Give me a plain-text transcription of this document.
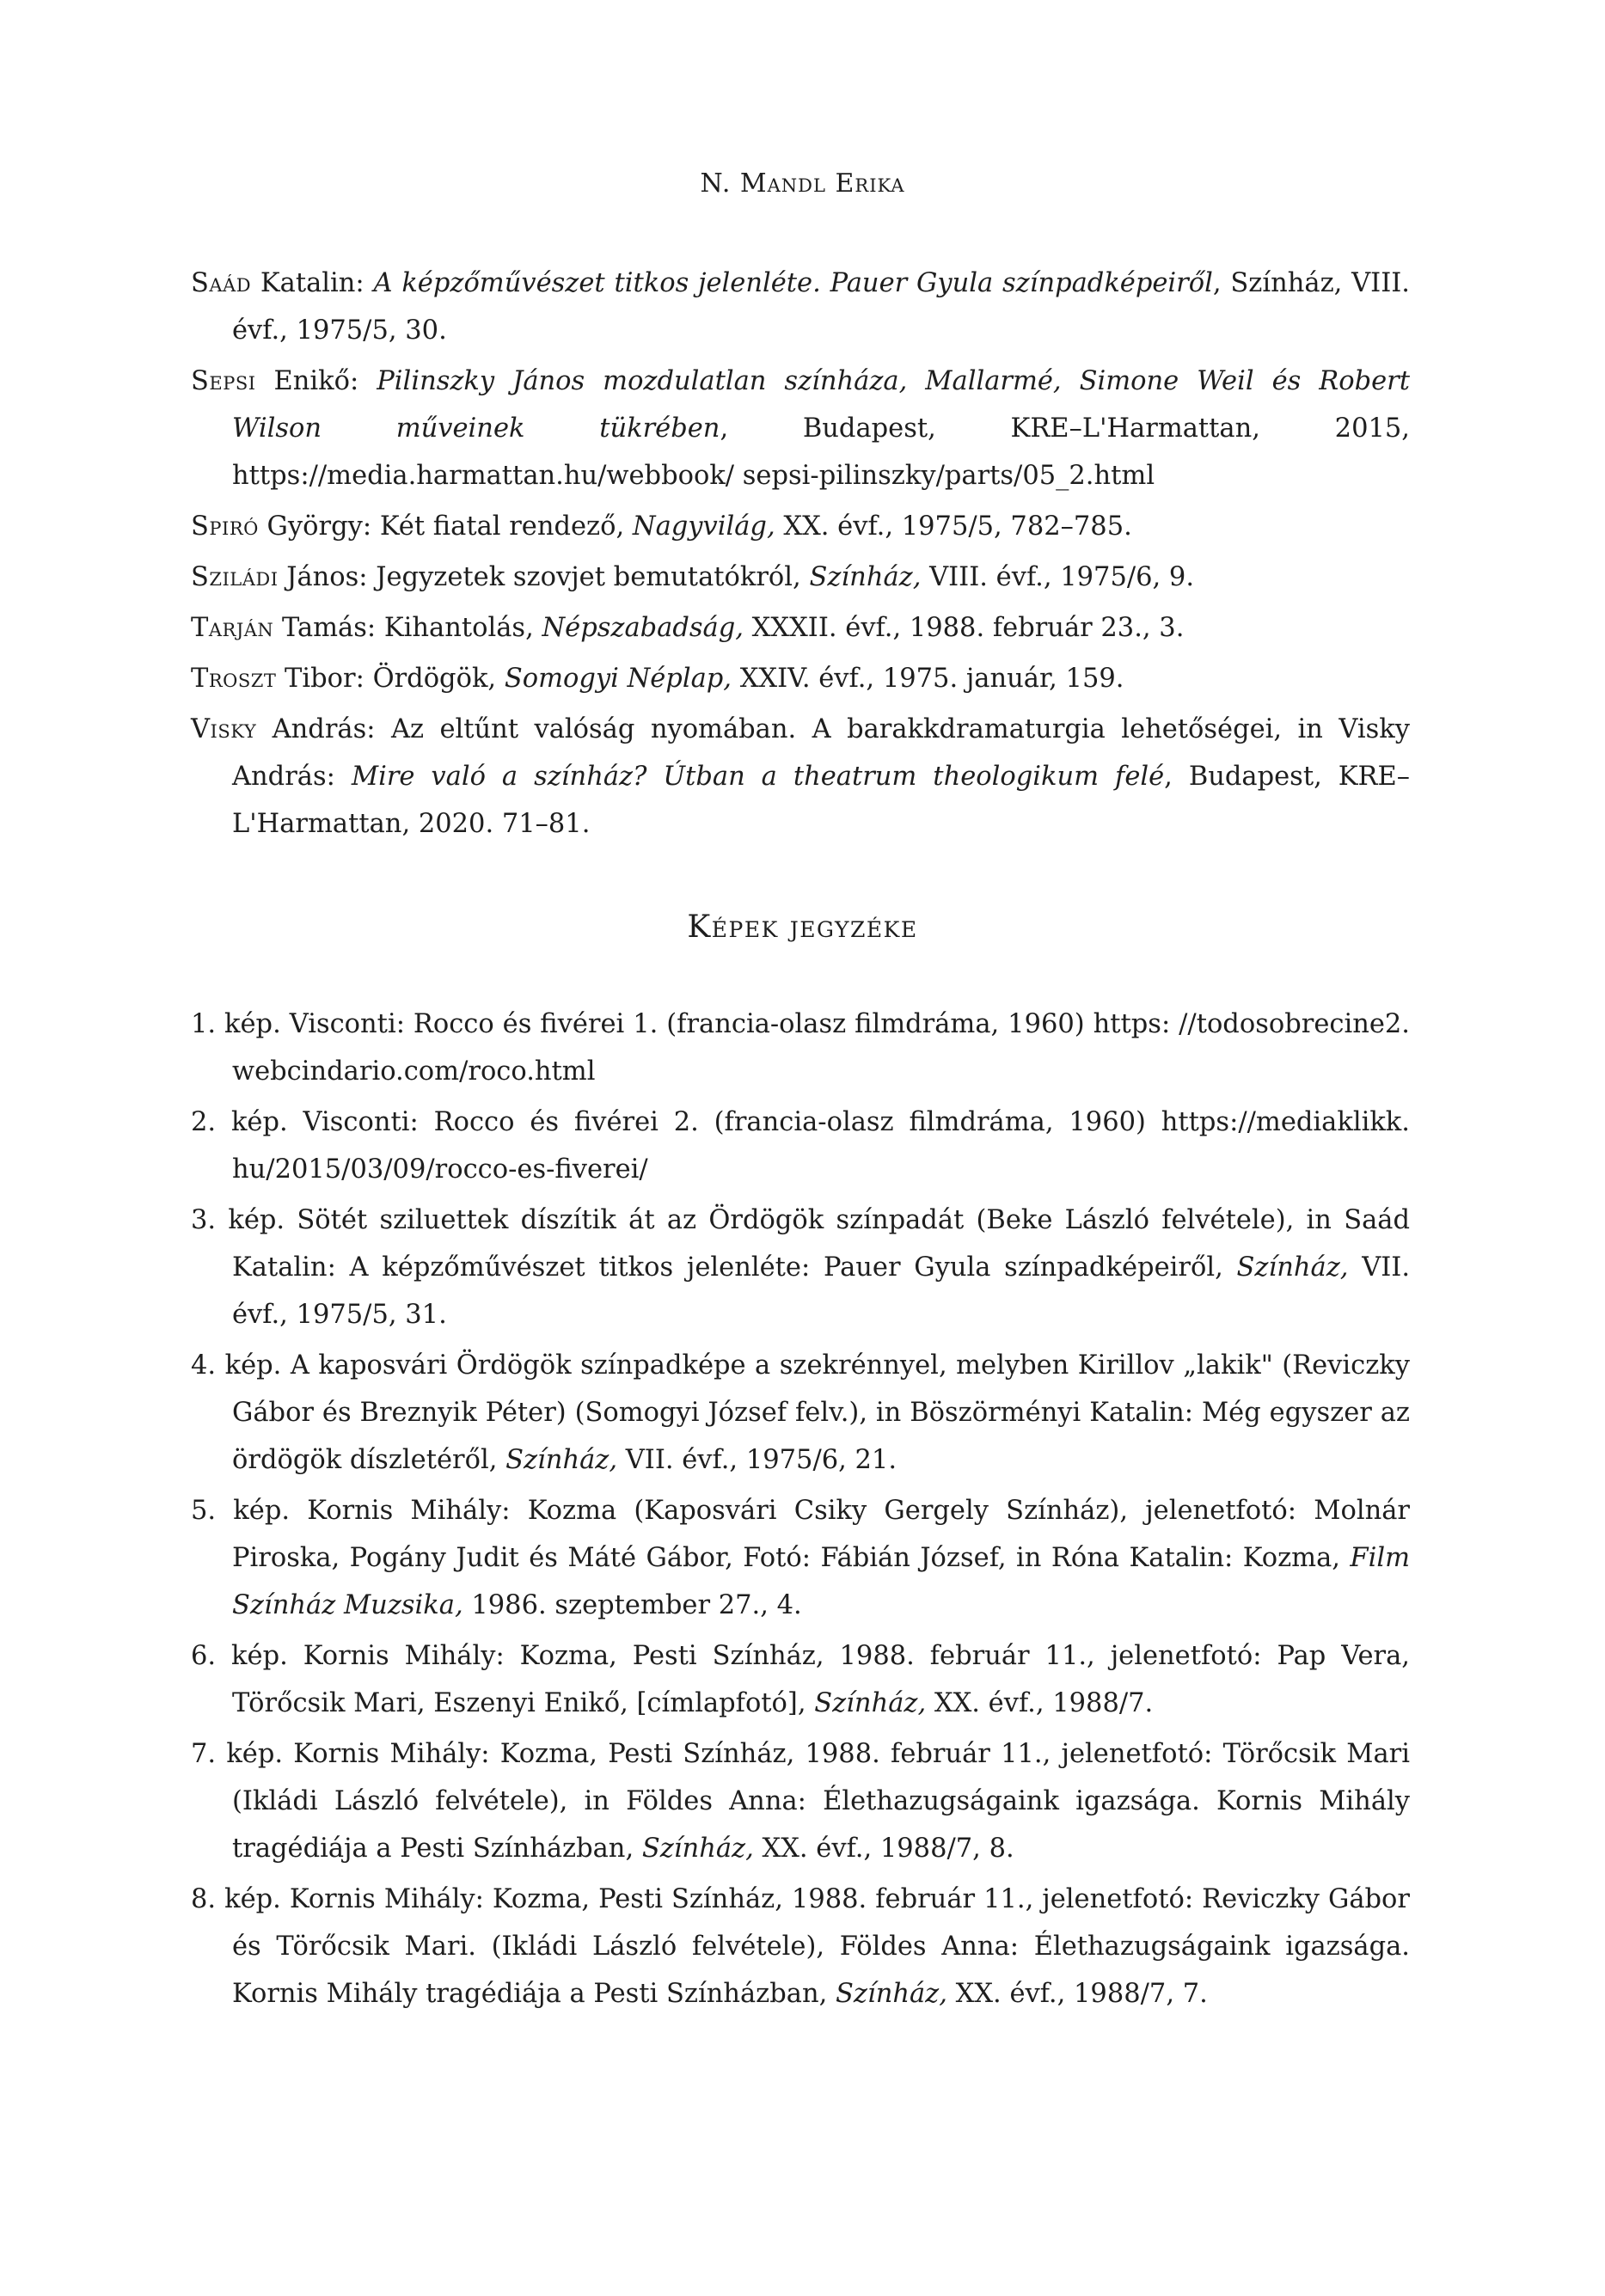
N. Mandl Erika

Saád Katalin: A képzőművészet titkos jelenléte. Pauer Gyula színpadképeiről, Színház, VIII. évf., 1975/5, 30.

Sepsi Enikő: Pilinszky János mozdulatlan színháza, Mallarmé, Simone Weil és Robert Wilson műveinek tükrében, Budapest, KRE–L'Harmattan, 2015, https://media.harmattan.hu/webbook/ sepsi-pilinszky/parts/05_2.html

Spiró György: Két fiatal rendező, Nagyvilág, XX. évf., 1975/5, 782–785.

Sziládi János: Jegyzetek szovjet bemutatókról, Színház, VIII. évf., 1975/6, 9.

Tarján Tamás: Kihantolás, Népszabadság, XXXII. évf., 1988. február 23., 3.

Troszt Tibor: Ördögök, Somogyi Néplap, XXIV. évf., 1975. január, 159.

Visky András: Az eltűnt valóság nyomában. A barakkdramaturgia lehetőségei, in Visky András: Mire való a színház? Útban a theatrum theologikum felé, Budapest, KRE–L'Harmattan, 2020. 71–81.

Képek jegyzéke

1. kép. Visconti: Rocco és fivérei 1. (francia-olasz filmdráma, 1960) https: //todosobrecine2. webcindario.com/roco.html

2. kép. Visconti: Rocco és fivérei 2. (francia-olasz filmdráma, 1960) https://mediaklikk. hu/2015/03/09/rocco-es-fiverei/

3. kép. Sötét sziluettek díszítik át az Ördögök színpadát (Beke László felvétele), in Saád Katalin: A képzőművészet titkos jelenléte: Pauer Gyula színpadképeiről, Színház, VII. évf., 1975/5, 31.

4. kép. A kaposvári Ördögök színpadképe a szekrénnyel, melyben Kirillov „lakik" (Reviczky Gábor és Breznyik Péter) (Somogyi József felv.), in Böszörményi Katalin: Még egyszer az ördögök díszletéről, Színház, VII. évf., 1975/6, 21.

5. kép. Kornis Mihály: Kozma (Kaposvári Csiky Gergely Színház), jelenetfotó: Molnár Piroska, Pogány Judit és Máté Gábor, Fotó: Fábián József, in Róna Katalin: Kozma, Film Színház Muzsika, 1986. szeptember 27., 4.

6. kép. Kornis Mihály: Kozma, Pesti Színház, 1988. február 11., jelenetfotó: Pap Vera, Törőcsik Mari, Eszenyi Enikő, [címlapfotó], Színház, XX. évf., 1988/7.

7. kép. Kornis Mihály: Kozma, Pesti Színház, 1988. február 11., jelenetfotó: Törőcsik Mari (Ikládi László felvétele), in Földes Anna: Élethazugságaink igazsága. Kornis Mihály tragédiája a Pesti Színházban, Színház, XX. évf., 1988/7, 8.

8. kép. Kornis Mihály: Kozma, Pesti Színház, 1988. február 11., jelenetfotó: Reviczky Gábor és Törőcsik Mari. (Ikládi László felvétele), Földes Anna: Élethazugságaink igazsága. Kornis Mihály tragédiája a Pesti Színházban, Színház, XX. évf., 1988/7, 7.
